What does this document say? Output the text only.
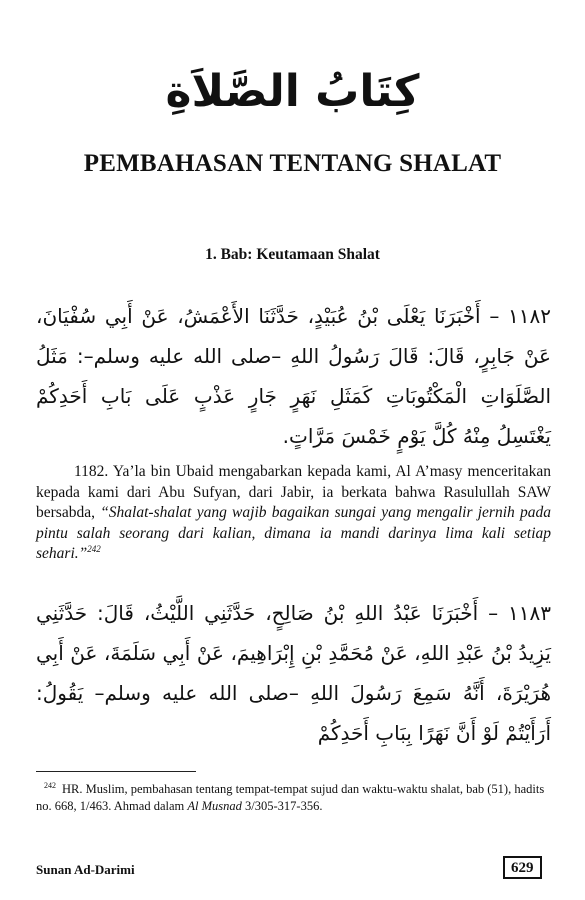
كِتَابُ الصَّلاَةِ
PEMBAHASAN TENTANG SHALAT
1. Bab: Keutamaan Shalat
١١٨٢ – أَخْبَرَنَا يَعْلَى بْنُ عُبَيْدٍ، حَدَّثَنَا الأَعْمَشُ، عَنْ أَبِي سُفْيَانَ، عَنْ جَابِرٍ، قَالَ: قَالَ رَسُولُ اللهِ –صلى الله عليه وسلم–: مَثَلُ الصَّلَوَاتِ الْمَكْتُوبَاتِ كَمَثَلِ نَهَرٍ جَارٍ عَذْبٍ عَلَى بَابِ أَحَدِكُمْ يَغْتَسِلُ مِنْهُ كُلَّ يَوْمٍ خَمْسَ مَرَّاتٍ.

1182. Ya’la bin Ubaid mengabarkan kepada kami, Al A’masy menceritakan kepada kami dari Abu Sufyan, dari Jabir, ia berkata bahwa Rasulullah SAW bersabda, “Shalat-shalat yang wajib bagaikan sungai yang mengalir jernih pada pintu salah seorang dari kalian, dimana ia mandi darinya lima kali setiap sehari.”$^{242}$

١١٨٣ – أَخْبَرَنَا عَبْدُ اللهِ بْنُ صَالِحٍ، حَدَّثَنِي اللَّيْثُ، قَالَ: حَدَّثَنِي يَزِيدُ بْنُ عَبْدِ اللهِ، عَنْ مُحَمَّدِ بْنِ إِبْرَاهِيمَ، عَنْ أَبِي سَلَمَةَ، عَنْ أَبِي هُرَيْرَةَ، أَنَّهُ سَمِعَ رَسُولَ اللهِ –صلى الله عليه وسلم– يَقُولُ: أَرَأَيْتُمْ لَوْ أَنَّ نَهَرًا بِبَابِ أَحَدِكُمْ

$^{242}$ HR. Muslim, pembahasan tentang tempat-tempat sujud dan waktu-waktu shalat, bab (51), hadits no. 668, 1/463. Ahmad dalam Al Musnad 3/305-317-356.

Sunan Ad-Darimi	629
